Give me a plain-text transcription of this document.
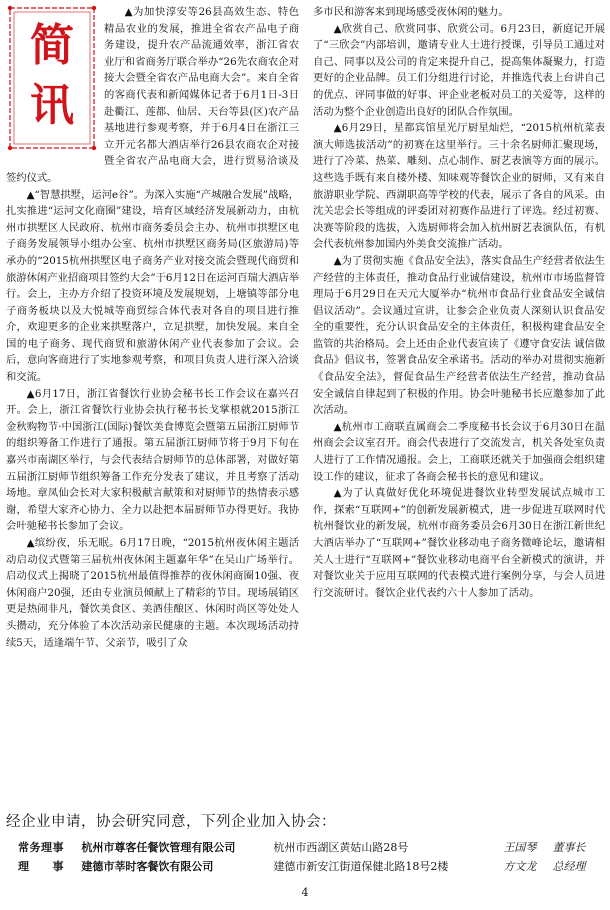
简
讯

▲为加快淳安等26县高效生态、特色精品农业的发展，推进全省农产品电子商务建设，提升农产品流通效率，浙江省农业厅和省商务厅联合举办“26先农商农企对接大会暨全省农产品电商大会”。来自全省的客商代表和新闻媒体记者于6月1日-3日赴衢江、莲都、仙居、天台等县(区)农产品基地进行参观考察，并于6月4日在浙江三立开元名都大酒店举行26县农商农企对接暨全省农产品电商大会，进行贸易洽谈及签约仪式。

▲“智慧拱墅，运河e谷”。为深入实施“产城融合发展”战略，扎实推进“运河文化商圈”建设，培育区域经济发展新动力，由杭州市拱墅区人民政府、杭州市商务委员会主办、杭州市拱墅区电子商务发展领导小组办公室、杭州市拱墅区商务局(区旅游局)等承办的“2015杭州拱墅区电子商务产业对接交流会暨现代商贸和旅游休闲产业招商项目签约大会”于6月12日在运河百瑞大酒店举行。会上，主办方介绍了投资环境及发展规划，上塘镇等部分电子商务板块以及大悦城等商贸综合体代表对各自的项目进行推介，欢迎更多的企业来拱墅落户，立足拱墅，加快发展。来自全国的电子商务、现代商贸和旅游休闲产业代表参加了会议。会后，意向客商进行了实地参观考察，和项目负责人进行深入洽谈和交流。

▲6月17日，浙江省餐饮行业协会秘书长工作会议在嘉兴召开。会上，浙江省餐饮行业协会执行秘书长戈掌根就2015浙江金秋购物节·中国浙江(国际)餐饮美食博览会暨第五届浙江厨师节的组织筹备工作进行了通报。第五届浙江厨师节将于9月下旬在嘉兴市南湖区举行，与会代表结合厨师节的总体部署，对做好第五届浙江厨师节组织筹备工作充分发表了建议，并且考察了活动场地。章凤仙会长对大家积极献言献策和对厨师节的热情表示感谢，希望大家齐心协力、全力以赴把本届厨师节办得更好。我协会叶驰秘书长参加了会议。

▲缤纷夜，乐无眠。6月17日晚，“2015杭州夜休闲主题活动启动仪式暨第三届杭州夜休闲主题嘉年华”在吴山广场举行。启动仪式上揭晓了2015杭州最值得推荐的夜休闲商圈10强、夜休闲商户20强，还由专业演员倾献上了精彩的节目。现场展销区更是热闹非凡，餐饮美食区、美酒佳酿区、休闲时尚区等处处人头攒动，充分体验了本次活动亲民健康的主题。本次现场活动持续5天，适逢端午节、父亲节，吸引了众

多市民和游客来到现场感受夜休闲的魅力。

▲欣赏自己、欣赏同事、欣赏公司。6月23日，新庭记开展了“三欣会”内部培训，邀请专业人士进行授课，引导员工通过对自己、同事以及公司的肯定来提升自己，提高集体凝聚力，打造更好的企业品牌。员工们分组进行讨论，并推选代表上台讲自己的优点、评同事做的好事、评企业老板对员工的关爱等，这样的活动为整个企业创造出良好的团队合作氛围。

▲6月29日，星都宾馆星光厅厨星灿烂，“2015杭州杭菜表演大师选拔活动”的初赛在这里举行。三十余名厨师汇聚现场，进行了冷菜、热菜、雕刻、点心制作、厨艺表演等方面的展示。这些选手既有来自楼外楼、知味观等餐饮企业的厨师，又有来自旅游职业学院、西湖职高等学校的代表，展示了各自的风采。由沈关忠会长等组成的评委团对初赛作品进行了评选。经过初赛、决赛等阶段的选拔，入选厨师将会加入杭州厨艺表演队伍，有机会代表杭州参加国内外美食交流推广活动。

▲为了贯彻实施《食品安全法》，落实食品生产经营者依法生产经营的主体责任，推动食品行业诚信建设，杭州市市场监督管理局于6月29日在天元大厦举办“杭州市食品行业食品安全诚信倡议活动”。会议通过宣讲，让参会企业负责人深刻认识食品安全的重要性，充分认识食品安全的主体责任，积极构建食品安全监管的共治格局。会上还由企业代表宣读了《遵守食安法 诚信做食品》倡议书，签署食品安全承诺书。活动的举办对贯彻实施新《食品安全法》，督促食品生产经营者依法生产经营，推动食品安全诚信自律起到了积极的作用。协会叶驰秘书长应邀参加了此次活动。

▲杭州市工商联直属商会二季度秘书长会议于6月30日在温州商会会议室召开。商会代表进行了交流发言，机关各处室负责人进行了工作情况通报。会上，工商联还就关于加强商会组织建设工作的建议，征求了各商会秘书长的意见和建议。

▲为了认真做好优化环境促进餐饮业转型发展试点城市工作，探索“互联网+”的创新发展新模式，进一步促进互联网时代杭州餐饮业的新发展，杭州市商务委员会6月30日在浙江新世纪大酒店举办了“互联网+”餐饮业移动电子商务微峰论坛，邀请相关人士进行“互联网+”餐饮业移动电商平台全新模式的演讲，并对餐饮业关于应用互联网的代表模式进行案例分享，与会人员进行交流研讨。餐饮企业代表约六十人参加了活动。

经企业申请，协会研究同意，下列企业加入协会：
常务理事	杭州市尊客任餐饮管理有限公司	杭州市西湖区黄姑山路28号	王国琴	董事长
理　　事	建德市莘时客餐饮有限公司	建德市新安江街道保健北路18号2楼	方文龙	总经理
4
